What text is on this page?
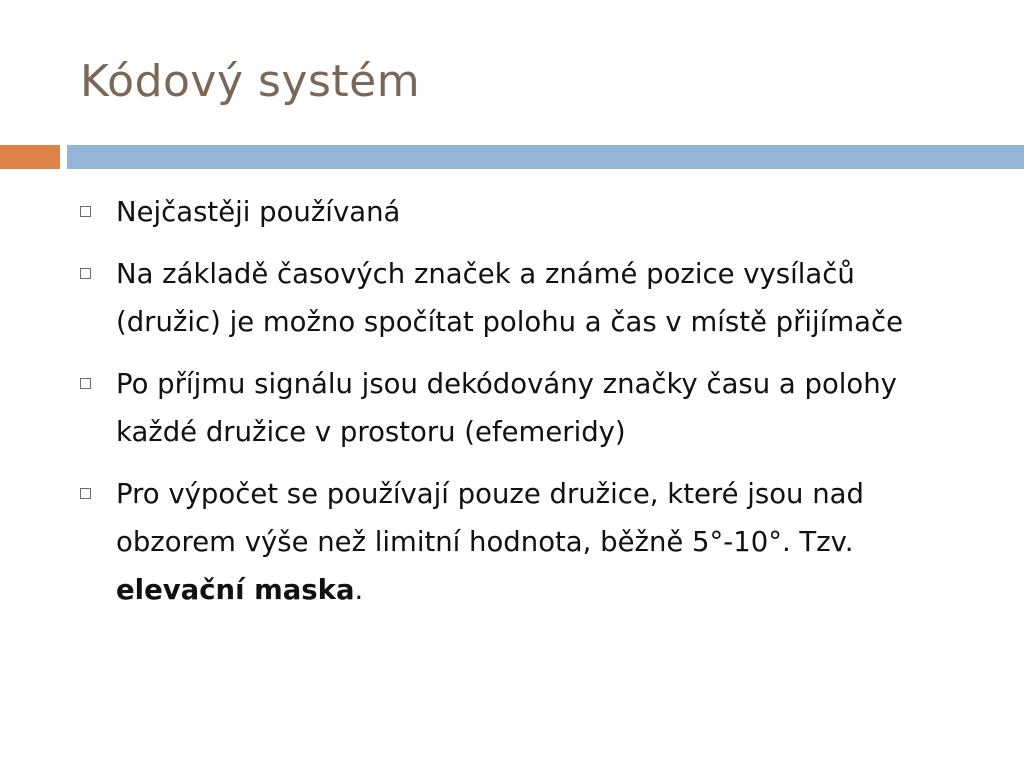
Kódový systém
Nejčastěji používaná
Na základě časových značek a známé pozice vysílačů (družic) je možno spočítat polohu a čas v místě přijímače
Po příjmu signálu jsou dekódovány značky času a polohy každé družice v prostoru (efemeridy)
Pro výpočet se používají pouze družice, které jsou nad obzorem výše než limitní hodnota, běžně 5°-10°. Tzv. elevační maska.
